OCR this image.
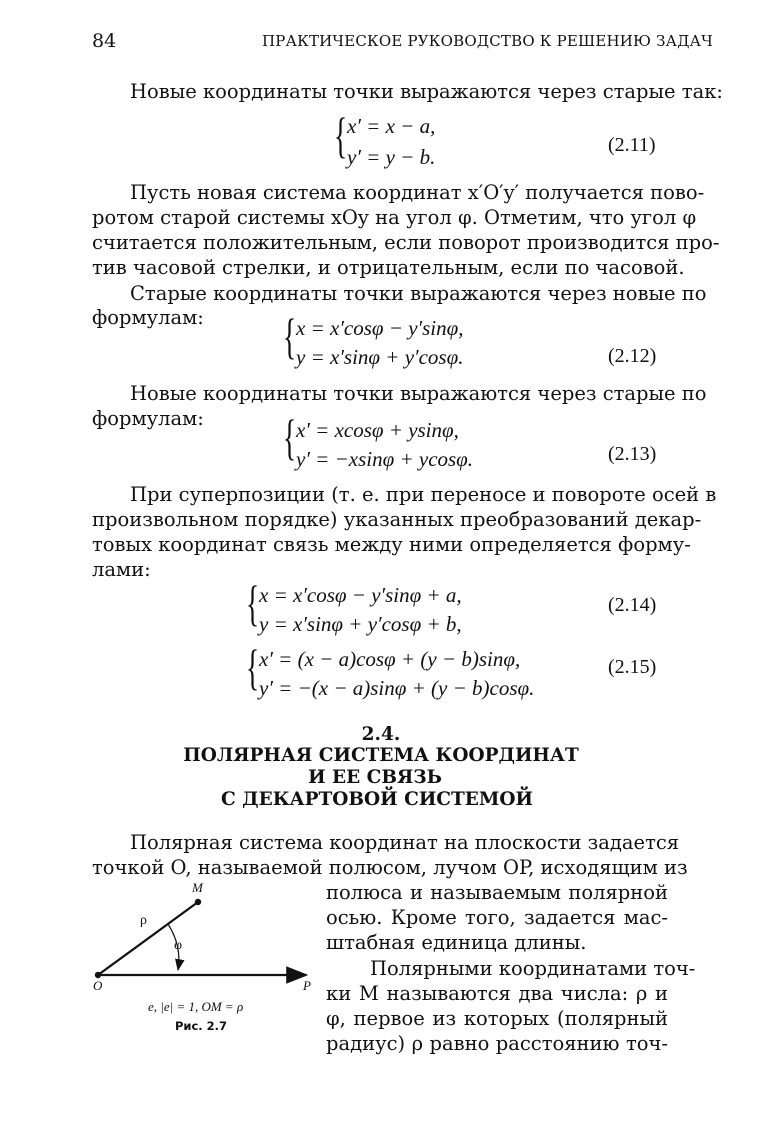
84	ПРАКТИЧЕСКОЕ РУКОВОДСТВО К РЕШЕНИЮ ЗАДАЧ
Новые координаты точки выражаются через старые так:
{ x′ = x − a,
y′ = y − b.	(2.11)
Пусть новая система координат x′O′y′ получается пово-
ротом старой системы xOy на угол φ. Отметим, что угол φ
считается положительным, если поворот производится про-
тив часовой стрелки, и отрицательным, если по часовой.
Старые координаты точки выражаются через новые по
формулам: { x = x′cosφ − y′sinφ,
y = x′sinφ + y′cosφ.	(2.12)
Новые координаты точки выражаются через старые по
формулам: { x′ = xcosφ + ysinφ,
y′ = −xsinφ + ycosφ.	(2.13)
При суперпозиции (т. е. при переносе и повороте осей в
произвольном порядке) указанных преобразований декар-
товых координат связь между ними определяется форму-
лами:
{ x = x′cosφ − y′sinφ + a,
y = x′sinφ + y′cosφ + b,
(2.14)
{ x′ = (x − a)cosφ + (y − b)sinφ,
y′ = −(x − a)sinφ + (y − b)cosφ.
(2.15)
2.4.
ПОЛЯРНАЯ СИСТЕМА КООРДИНАТ
И ЕЕ СВЯЗЬ
С ДЕКАРТОВОЙ СИСТЕМОЙ
Полярная система координат на плоскости задается
точкой O, называемой полюсом, лучом OP, исходящим из
полюса и называемым полярной
осью. Кроме того, задается мас-
штабная единица длины.
Полярными координатами точ-
ки M называются два числа: ρ и
φ, первое из которых (полярный
радиус) ρ равно расстоянию точ-
M
ρ
φ
O	P
e, |e| = 1, OM = ρ
Рис. 2.7
